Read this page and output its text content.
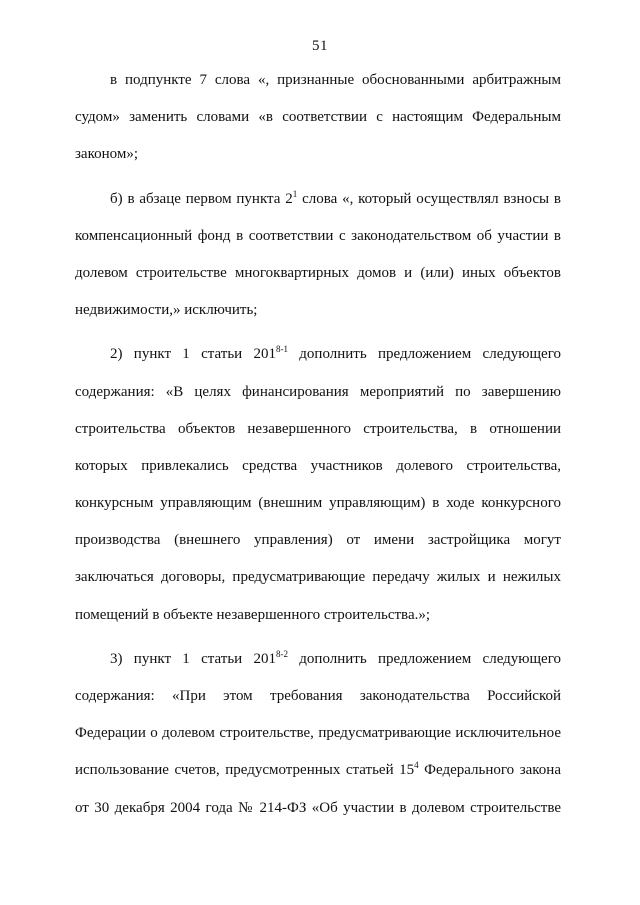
51
в подпункте 7 слова «, признанные обоснованными арбитражным
судом» заменить словами «в соответствии с настоящим Федеральным
законом»;
б) в абзаце первом пункта $2^1$ слова «, который осуществлял взносы в
компенсационный фонд в соответствии с законодательством об участии в
долевом строительстве многоквартирных домов и (или) иных объектов
недвижимости,» исключить;
2) пункт 1 статьи 201$^{8-1}$ дополнить предложением следующего
содержания: «В целях финансирования мероприятий по завершению
строительства объектов незавершенного строительства, в отношении
которых привлекались средства участников долевого строительства,
конкурсным управляющим (внешним управляющим) в ходе конкурсного
производства (внешнего управления) от имени застройщика могут
заключаться договоры, предусматривающие передачу жилых и нежилых
помещений в объекте незавершенного строительства.»;
3) пункт 1 статьи 201$^{8-2}$ дополнить предложением следующего
содержания: «При этом требования законодательства Российской
Федерации о долевом строительстве, предусматривающие исключительное
использование счетов, предусмотренных статьей $15^4$ Федерального закона
от 30 декабря 2004 года № 214-ФЗ «Об участии в долевом строительстве
